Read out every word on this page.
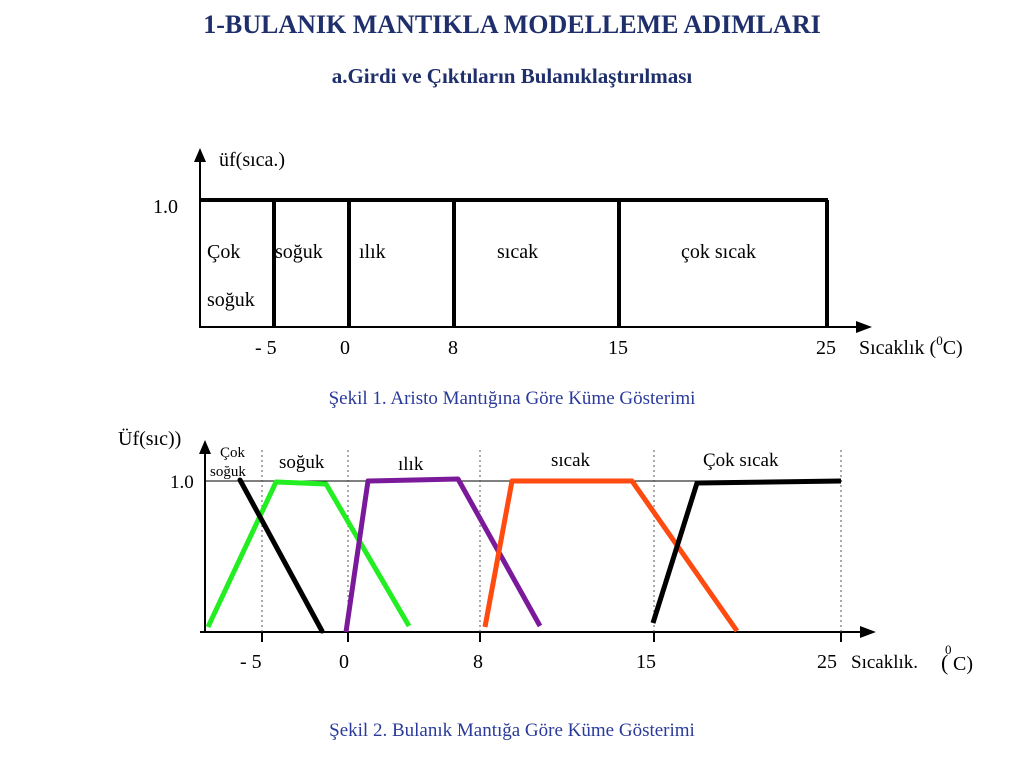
1-BULANIK MANTIKLA MODELLEME ADIMLARI
a.Girdi ve Çıktıların Bulanıklaştırılması
üf(sıca.)
1.0
Çok
soğuk
soğuk ılık	sıcak	çok sıcak
- 5	0	8	15	25 Sıcaklık ($^0$C)
Üf(sıc))
1.0
Çok
soğuk soğuk	ılık	sıcak	Çok sıcak
- 5	0	8	15	25 Sıcaklık. (
0
C)
Şekil 1. Aristo Mantığına Göre Küme Gösterimi
Şekil 2. Bulanık Mantığa Göre Küme Gösterimi
